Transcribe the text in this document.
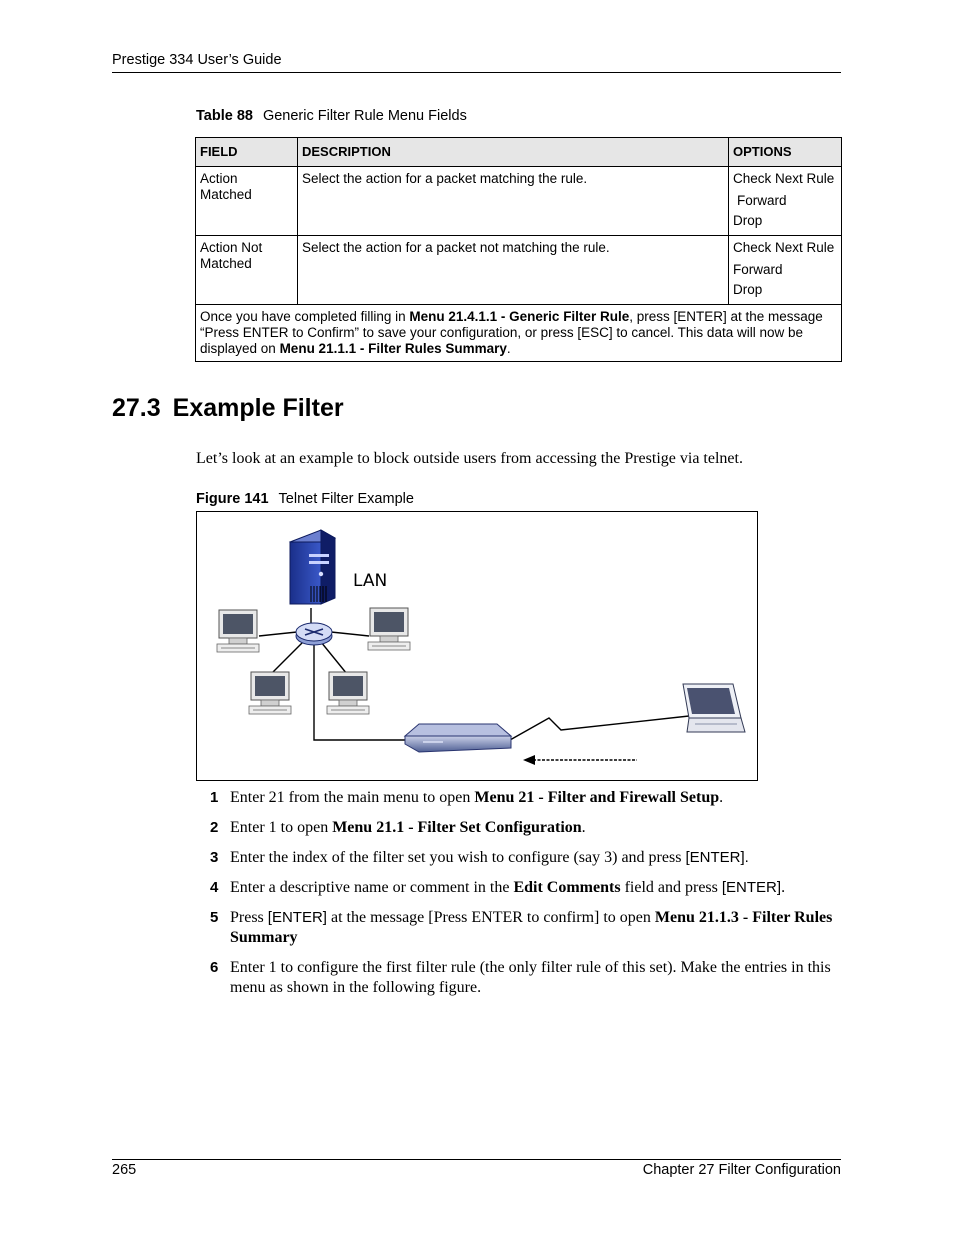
Prestige 334 User’s Guide
Table 88 Generic Filter Rule Menu Fields
FIELD	DESCRIPTION	OPTIONS
Action Matched	Select the action for a packet matching the rule.	Check Next Rule
Forward
Drop

Action Not Matched	Select the action for a packet not matching the rule.	Check Next Rule
Forward
Drop

Once you have completed filling in Menu 21.4.1.1 - Generic Filter Rule, press [ENTER] at the message “Press ENTER to Confirm” to save your configuration, or press [ESC] to cancel. This data will now be displayed on Menu 21.1.1 - Filter Rules Summary.		
27.3 Example Filter
Let’s look at an example to block outside users from accessing the Prestige via telnet.
Figure 141 Telnet Filter Example
LAN
1 Enter 21 from the main menu to open Menu 21 - Filter and Firewall Setup.
2 Enter 1 to open Menu 21.1 - Filter Set Configuration.
3 Enter the index of the filter set you wish to configure (say 3) and press [ENTER].
4 Enter a descriptive name or comment in the Edit Comments field and press [ENTER].
5 Press [ENTER] at the message [Press ENTER to confirm] to open Menu 21.1.3 - Filter Rules Summary
6 Enter 1 to configure the first filter rule (the only filter rule of this set). Make the entries in this menu as shown in the following figure.
265	Chapter 27 Filter Configuration
